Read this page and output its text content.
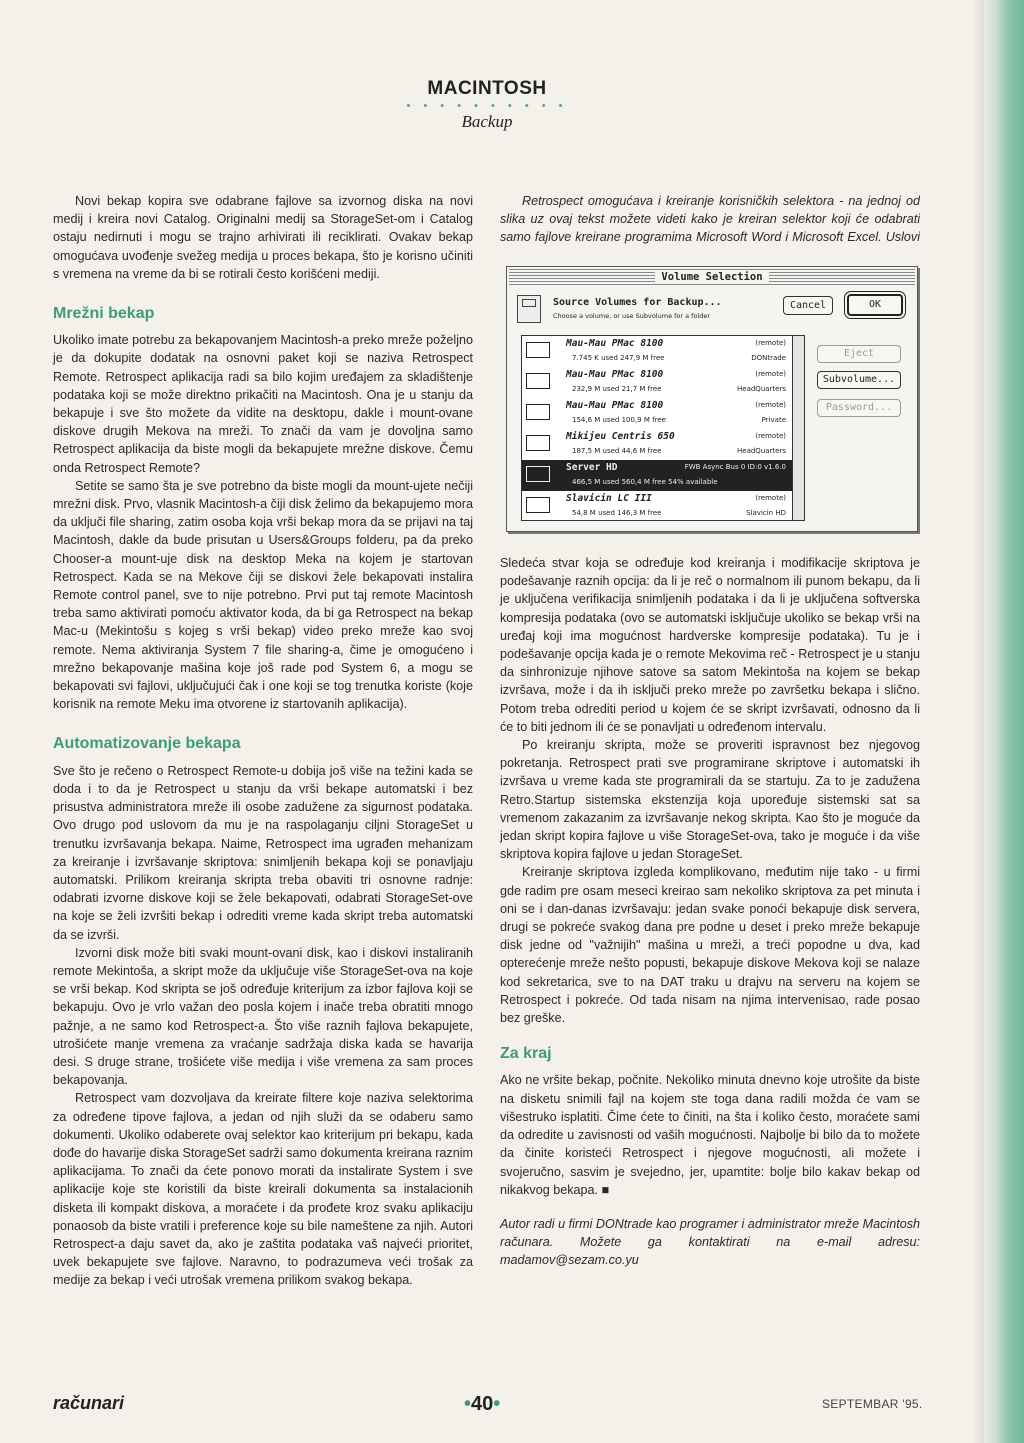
MACINTOSH
• • • • • • • • • •
Backup

Novi bekap kopira sve odabrane fajlove sa izvornog diska na novi medij i kreira novi Catalog. Originalni medij sa StorageSet-om i Catalog ostaju nedirnuti i mogu se trajno arhivirati ili reciklirati. Ovakav bekap omogućava uvođenje svežeg medija u proces bekapa, što je korisno učiniti s vremena na vreme da bi se rotirali često korišćeni mediji.

Mrežni bekap

Ukoliko imate potrebu za bekapovanjem Macintosh-a preko mreže poželjno je da dokupite dodatak na osnovni paket koji se naziva Retrospect Remote. Retrospect aplikacija radi sa bilo kojim uređajem za skladištenje podataka koji se može direktno prikačiti na Macintosh. Ona je u stanju da bekapuje i sve što možete da vidite na desktopu, dakle i mount-ovane diskove drugih Mekova na mreži. To znači da vam je dovoljna samo Retrospect aplikacija da biste mogli da bekapujete mrežne diskove. Čemu onda Retrospect Remote?

Setite se samo šta je sve potrebno da biste mogli da mount-ujete nečiji mrežni disk. Prvo, vlasnik Macintosh-a čiji disk želimo da bekapujemo mora da uključi file sharing, zatim osoba koja vrši bekap mora da se prijavi na taj Macintosh, dakle da bude prisutan u Users&Groups folderu, pa da preko Chooser-a mount-uje disk na desktop Meka na kojem je startovan Retrospect. Kada se na Mekove čiji se diskovi žele bekapovati instalira Remote control panel, sve to nije potrebno. Prvi put taj remote Macintosh treba samo aktivirati pomoću aktivator koda, da bi ga Retrospect na bekap Mac-u (Mekintošu s kojeg s vrši bekap) video preko mreže kao svoj remote. Nema aktiviranja System 7 file sharing-a, čime je omogućeno i mrežno bekapovanje mašina koje još rade pod System 6, a mogu se bekapovati svi fajlovi, uključujući čak i one koji se tog trenutka koriste (koje korisnik na remote Meku ima otvorene iz startovanih aplikacija).

Automatizovanje bekapa

Sve što je rečeno o Retrospect Remote-u dobija još više na težini kada se doda i to da je Retrospect u stanju da vrši bekape automatski i bez prisustva administratora mreže ili osobe zadužene za sigurnost podataka. Ovo drugo pod uslovom da mu je na raspolaganju ciljni StorageSet u trenutku izvršavanja bekapa. Naime, Retrospect ima ugrađen mehanizam za kreiranje i izvršavanje skriptova: snimljenih bekapa koji se ponavljaju automatski. Prilikom kreiranja skripta treba obaviti tri osnovne radnje: odabrati izvorne diskove koji se žele bekapovati, odabrati StorageSet-ove na koje se želi izvršiti bekap i odrediti vreme kada skript treba automatski da se izvrši.

Izvorni disk može biti svaki mount-ovani disk, kao i diskovi instaliranih remote Mekintoša, a skript može da uključuje više StorageSet-ova na koje se vrši bekap. Kod skripta se još određuje kriterijum za izbor fajlova koji se bekapuju. Ovo je vrlo važan deo posla kojem i inače treba obratiti mnogo pažnje, a ne samo kod Retrospect-a. Što više raznih fajlova bekapujete, utrošićete manje vremena za vraćanje sadržaja diska kada se havarija desi. S druge strane, trošićete više medija i više vremena za sam proces bekapovanja.

Retrospect vam dozvoljava da kreirate filtere koje naziva selektorima za određene tipove fajlova, a jedan od njih služi da se odaberu samo dokumenti. Ukoliko odaberete ovaj selektor kao kriterijum pri bekapu, kada dođe do havarije diska StorageSet sadrži samo dokumenta kreirana raznim aplikacijama. To znači da ćete ponovo morati da instalirate System i sve aplikacije koje ste koristili da biste kreirali dokumenta sa instalacionih disketa ili kompakt diskova, a moraćete i da prođete kroz svaku aplikaciju ponaosob da biste vratili i preference koje su bile nameštene za njih. Autori Retrospect-a daju savet da, ako je zaštita podataka vaš najveći prioritet, uvek bekapujete sve fajlove. Naravno, to podrazumeva veći trošak za medije za bekap i veći utrošak vremena prilikom svakog bekapa.

Retrospect omogućava i kreiranje korisničkih selektora - na jednoj od slika uz ovaj tekst možete videti kako je kreiran selektor koji će odabrati samo fajlove kreirane programima Microsoft Word i Microsoft Excel. Uslovi

Volume Selection
Source Volumes for Backup...
Choose a volume, or use Subvolume for a folder
Cancel	OK
Eject
Subvolume...
Password...
Mau-Mau PMac 8100	(remote)
7.745 K used 247,9 M free	DONtrade
Mau-Mau PMac 8100	(remote)
232,9 M used 21,7 M free	HeadQuarters
Mau-Mau PMac 8100	(remote)
154,6 M used 100,9 M free	Private
Mikijeu Centris 650	(remote)
187,5 M used 44,6 M free	HeadQuarters
Server HD	FWB Async Bus 0 ID:0 v1.6.0
466,5 M used 560,4 M free 54% available
Slavicin LC III	(remote)
54,8 M used 146,3 M free	Slavicin HD

Sledeća stvar koja se određuje kod kreiranja i modifikacije skriptova je podešavanje raznih opcija: da li je reč o normalnom ili punom bekapu, da li je uključena verifikacija snimljenih podataka i da li je uključena softverska kompresija podataka (ovo se automatski isključuje ukoliko se bekap vrši na uređaj koji ima mogućnost hardverske kompresije podataka). Tu je i podešavanje opcija kada je o remote Mekovima reč - Retrospect je u stanju da sinhronizuje njihove satove sa satom Mekintoša na kojem se bekap izvršava, može i da ih isključi preko mreže po završetku bekapa i slično. Potom treba odrediti period u kojem će se skript izvršavati, odnosno da li će to biti jednom ili će se ponavljati u određenom intervalu.

Po kreiranju skripta, može se proveriti ispravnost bez njegovog pokretanja. Retrospect prati sve programirane skriptove i automatski ih izvršava u vreme kada ste programirali da se startuju. Za to je zadužena Retro.Startup sistemska ekstenzija koja upoređuje sistemski sat sa vremenom zakazanim za izvršavanje nekog skripta. Kao što je moguće da jedan skript kopira fajlove u više StorageSet-ova, tako je moguće i da više skriptova kopira fajlove u jedan StorageSet.

Kreiranje skriptova izgleda komplikovano, međutim nije tako - u firmi gde radim pre osam meseci kreirao sam nekoliko skriptova za pet minuta i oni se i dan-danas izvršavaju: jedan svake ponoći bekapuje disk servera, drugi se pokreće svakog dana pre podne u deset i preko mreže bekapuje disk jedne od "važnijih" mašina u mreži, a treći popodne u dva, kad opterećenje mreže nešto popusti, bekapuje diskove Mekova koji se nalaze kod sekretarica, sve to na DAT traku u drajvu na serveru na kojem se Retrospect i pokreće. Od tada nisam na njima intervenisao, rade posao bez greške.

Za kraj

Ako ne vršite bekap, počnite. Nekoliko minuta dnevno koje utrošite da biste na disketu snimili fajl na kojem ste toga dana radili možda će vam se višestruko isplatiti. Čime ćete to činiti, na šta i koliko često, moraćete sami da odredite u zavisnosti od vaših mogućnosti. Najbolje bi bilo da to možete da činite koristeći Retrospect i njegove mogućnosti, ali možete i svojeručno, sasvim je svejedno, jer, upamtite: bolje bilo kakav bekap od nikakvog bekapa. ■

Autor radi u firmi DONtrade kao programer i administrator mreže Macintosh računara. Možete ga kontaktirati na e-mail adresu: madamov@sezam.co.yu

računari	•40•	SEPTEMBAR '95.
